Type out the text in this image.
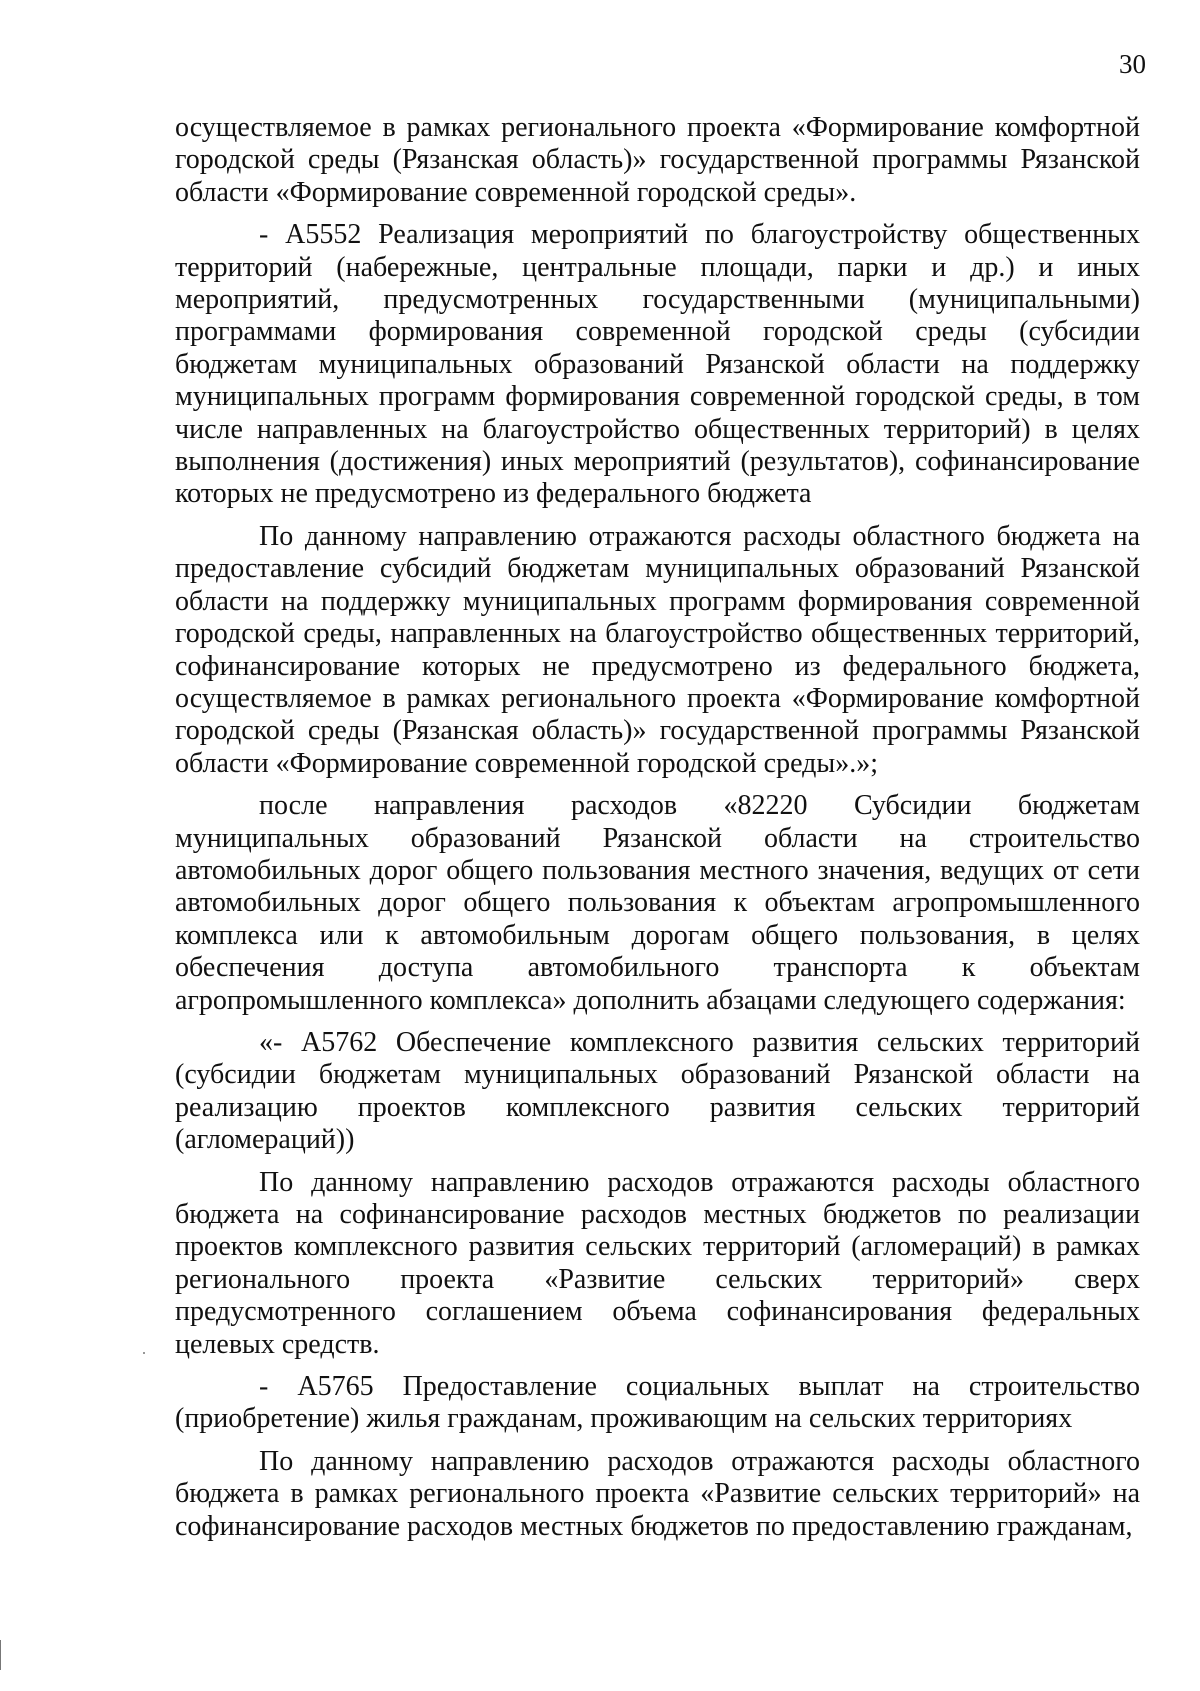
30

осуществляемое в рамках регионального проекта «Формирование комфортной городской среды (Рязанская область)» государственной программы Рязанской области «Формирование современной городской среды».

- А5552 Реализация мероприятий по благоустройству общественных территорий (набережные, центральные площади, парки и др.) и иных мероприятий, предусмотренных государственными (муниципальными) программами формирования современной городской среды (субсидии бюджетам муниципальных образований Рязанской области на поддержку муниципальных программ формирования современной городской среды, в том числе направленных на благоустройство общественных территорий) в целях выполнения (достижения) иных мероприятий (результатов), софинансирование которых не предусмотрено из федерального бюджета

По данному направлению отражаются расходы областного бюджета на предоставление субсидий бюджетам муниципальных образований Рязанской области на поддержку муниципальных программ формирования современной городской среды, направленных на благоустройство общественных территорий, софинансирование которых не предусмотрено из федерального бюджета, осуществляемое в рамках регионального проекта «Формирование комфортной городской среды (Рязанская область)» государственной программы Рязанской области «Формирование современной городской среды».»;

после направления расходов «82220 Субсидии бюджетам муниципальных образований Рязанской области на строительство автомобильных дорог общего пользования местного значения, ведущих от сети автомобильных дорог общего пользования к объектам агропромышленного комплекса или к автомобильным дорогам общего пользования, в целях обеспечения доступа автомобильного транспорта к объектам агропромышленного комплекса» дополнить абзацами следующего содержания:

«- А5762 Обеспечение комплексного развития сельских территорий (субсидии бюджетам муниципальных образований Рязанской области на реализацию проектов комплексного развития сельских территорий (агломераций))

По данному направлению расходов отражаются расходы областного бюджета на софинансирование расходов местных бюджетов по реализации проектов комплексного развития сельских территорий (агломераций) в рамках регионального проекта «Развитие сельских территорий» сверх предусмотренного соглашением объема софинансирования федеральных целевых средств.

- А5765 Предоставление социальных выплат на строительство (приобретение) жилья гражданам, проживающим на сельских территориях

По данному направлению расходов отражаются расходы областного бюджета в рамках регионального проекта «Развитие сельских территорий» на софинансирование расходов местных бюджетов по предоставлению гражданам,
